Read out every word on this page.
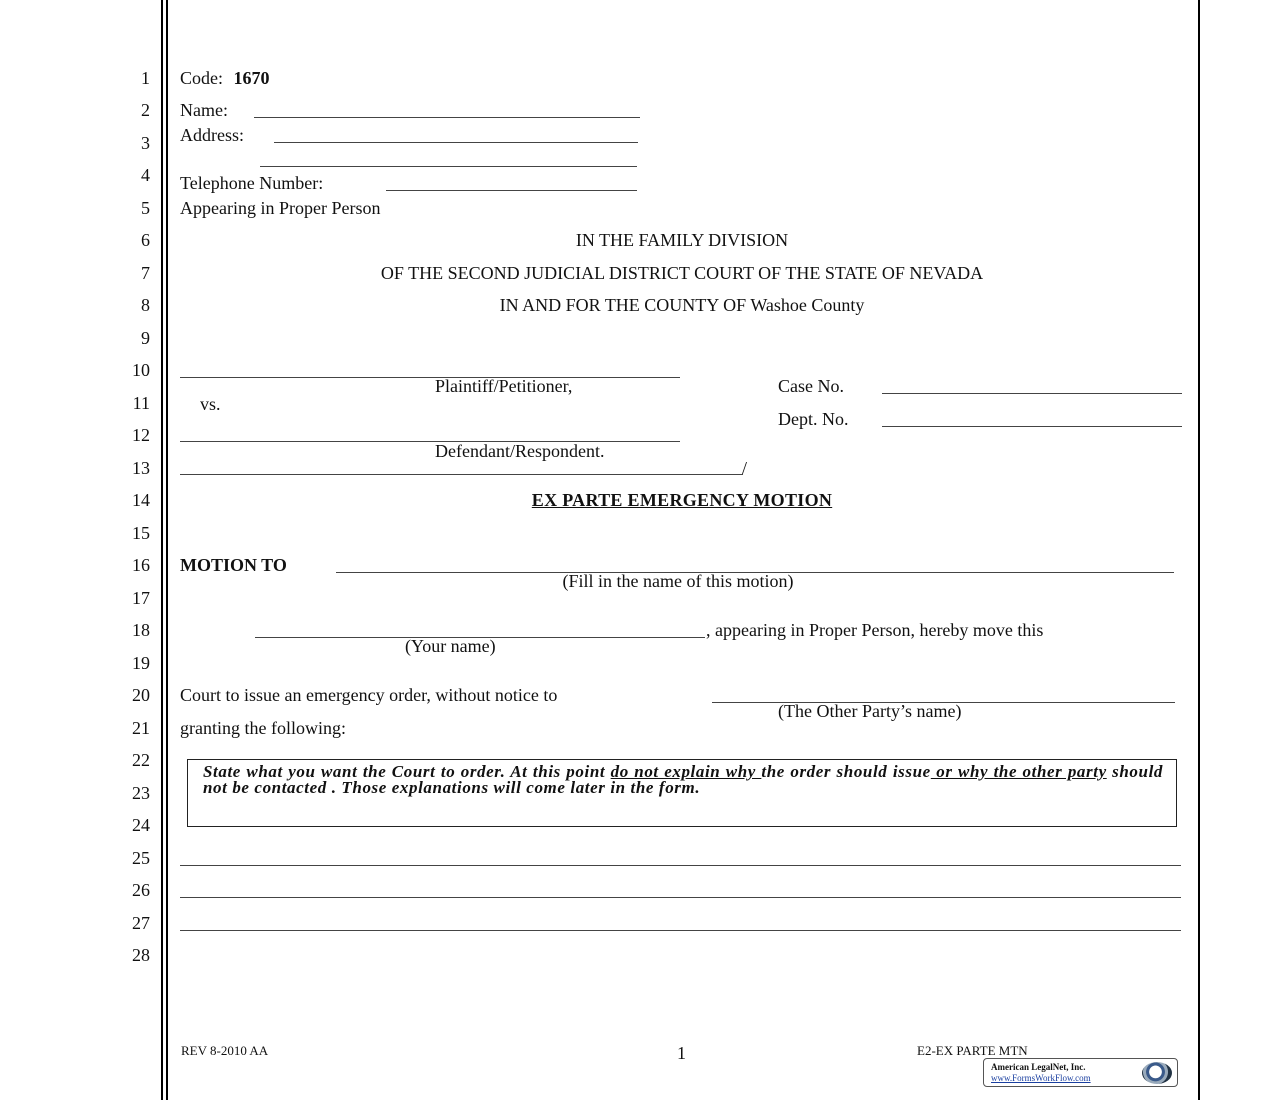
1
2
3
4
5
6
7
8
9
10
11
12
13
14
15
16
17
18
19
20
21
22
23
24
25
26
27
28
Code: 1670
Name:
Address:
Telephone Number:
Appearing in Proper Person
IN THE FAMILY DIVISION
OF THE SECOND JUDICIAL DISTRICT COURT OF THE STATE OF NEVADA
IN AND FOR THE COUNTY OF Washoe County
Plaintiff/Petitioner,
vs.
Defendant/Respondent.
/
Case No.
Dept. No.
EX PARTE EMERGENCY MOTION
MOTION TO
(Fill in the name of this motion)
, appearing in Proper Person, hereby move this
(Your name)
Court to issue an emergency order, without notice to
(The Other Party’s name)
granting the following:
State what you want the Court to order. At this point do not explain why the order should issue or why the other party should not be contacted . Those explanations will come later in the form.
REV 8-2010 AA	1	E2-EX PARTE MTN
American LegalNet, Inc.
www.FormsWorkFlow.com
